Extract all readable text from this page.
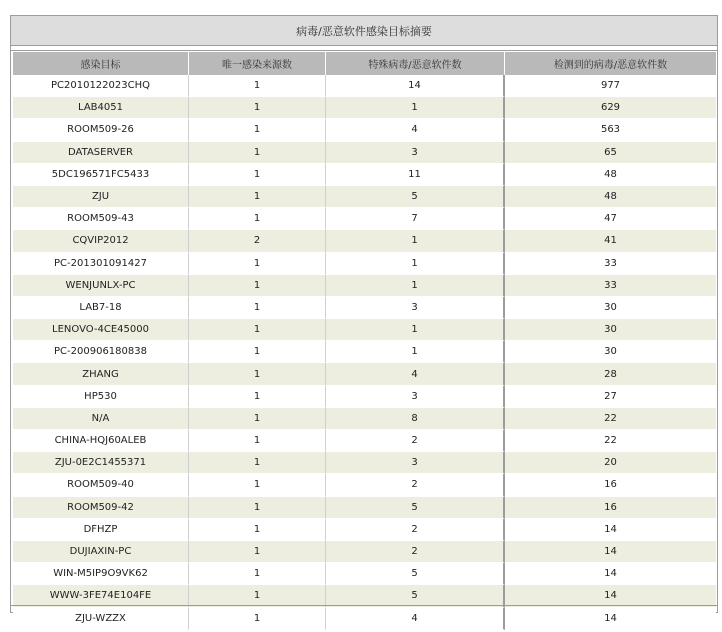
病毒/恶意软件感染目标摘要
感染目标	唯一感染来源数	特殊病毒/恶意软件数	检测到的病毒/恶意软件数
PC2010122023CHQ	1	14	977
LAB4051	1	1	629
ROOM509-26	1	4	563
DATASERVER	1	3	65
5DC196571FC5433	1	11	48
ZJU	1	5	48
ROOM509-43	1	7	47
CQVIP2012	2	1	41
PC-201301091427	1	1	33
WENJUNLX-PC	1	1	33
LAB7-18	1	3	30
LENOVO-4CE45000	1	1	30
PC-200906180838	1	1	30
ZHANG	1	4	28
HP530	1	3	27
N/A	1	8	22
CHINA-HQJ60ALEB	1	2	22
ZJU-0E2C1455371	1	3	20
ROOM509-40	1	2	16
ROOM509-42	1	5	16
DFHZP	1	2	14
DUJIAXIN-PC	1	2	14
WIN-M5IP9O9VK62	1	5	14
WWW-3FE74E104FE	1	5	14
ZJU-WZZX	1	4	14
